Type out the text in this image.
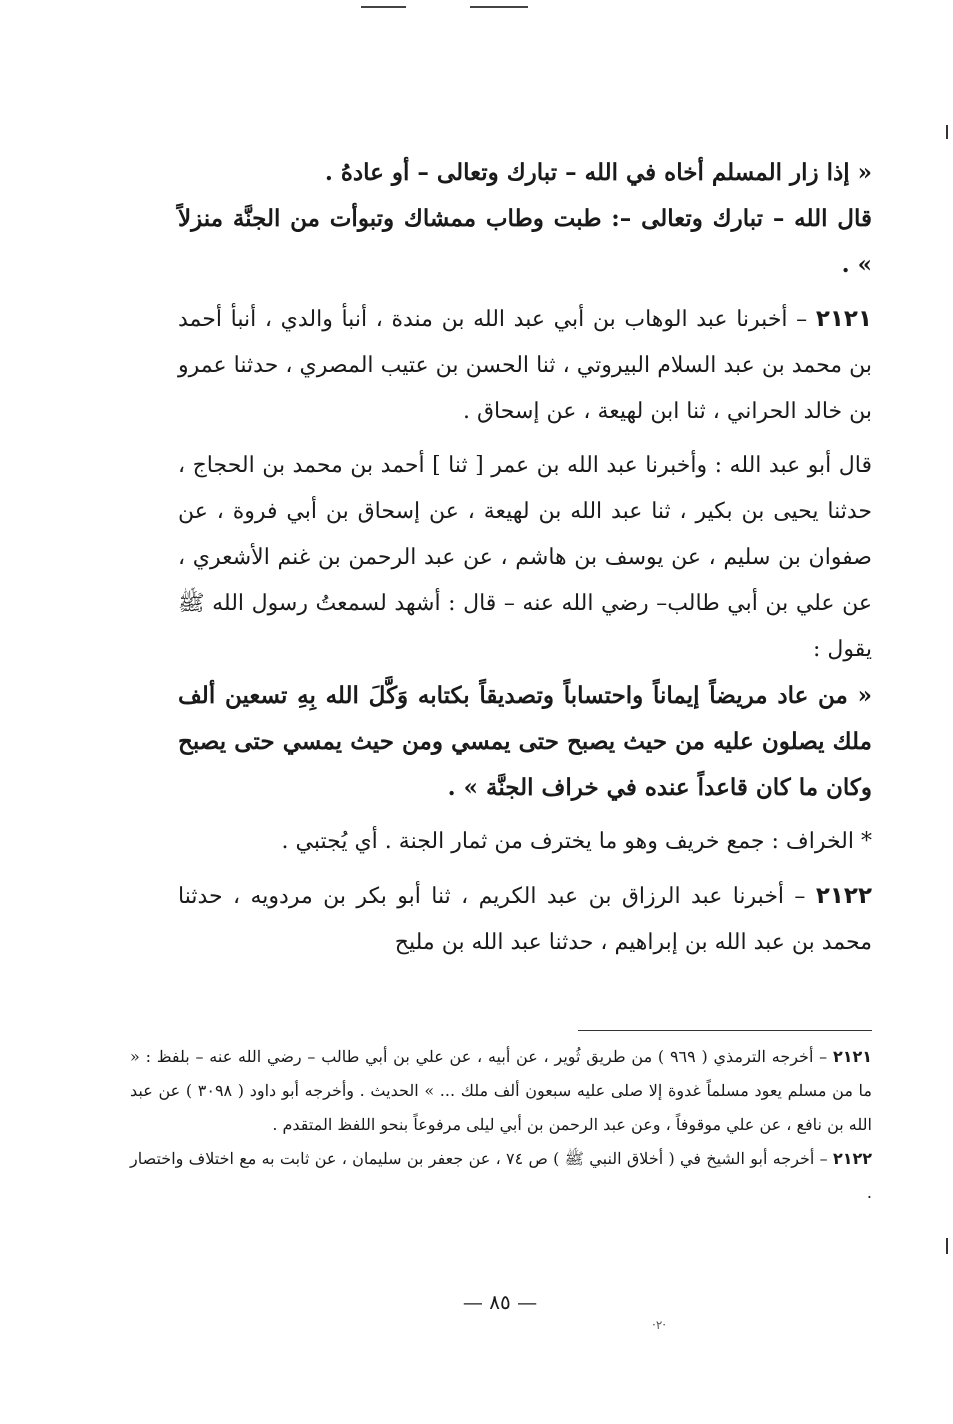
« إذا زار المسلم أخاه في الله – تبارك وتعالى – أو عادهُ .
قال الله – تبارك وتعالى –: طبت وطاب ممشاك وتبوأت من الجنَّة منزلاً » .

٢١٢١ – أخبرنا عبد الوهاب بن أبي عبد الله بن مندة ، أنبأ والدي ، أنبأ أحمد بن محمد بن عبد السلام البيروتي ، ثنا الحسن بن عتيب المصري ، حدثنا عمرو بن خالد الحراني ، ثنا ابن لهيعة ، عن إسحاق .

قال أبو عبد الله : وأخبرنا عبد الله بن عمر [ ثنا ] أحمد بن محمد بن الحجاج ، حدثنا يحيى بن بكير ، ثنا عبد الله بن لهيعة ، عن إسحاق بن أبي فروة ، عن صفوان بن سليم ، عن يوسف بن هاشم ، عن عبد الرحمن بن غنم الأشعري ، عن علي بن أبي طالب– رضي الله عنه – قال : أشهد لسمعتُ رسول الله ﷺ يقول :

« من عاد مريضاً إيماناً واحتساباً وتصديقاً بكتابه وَكَّلَ الله بِهِ تسعين ألف ملك يصلون عليه من حيث يصبح حتى يمسي ومن حيث يمسي حتى يصبح وكان ما كان قاعداً عنده في خراف الجنَّة » .

* الخراف : جمع خريف وهو ما يخترف من ثمار الجنة . أي يُجتبي .

٢١٢٢ – أخبرنا عبد الرزاق بن عبد الكريم ، ثنا أبو بكر بن مردويه ، حدثنا محمد بن عبد الله بن إبراهيم ، حدثنا عبد الله بن مليح

٢١٢١ – أخرجه الترمذي ( ٩٦٩ ) من طريق ثُوير ، عن أبيه ، عن علي بن أبي طالب – رضي الله عنه – بلفظ : « ما من مسلم يعود مسلماً غدوة إلا صلى عليه سبعون ألف ملك ... » الحديث . وأخرجه أبو داود ( ٣٠٩٨ ) عن عبد الله بن نافع ، عن علي موقوفاً ، وعن عبد الرحمن بن أبي ليلى مرفوعاً بنحو اللفظ المتقدم .

٢١٢٢ – أخرجه أبو الشيخ في ( أخلاق النبي ﷺ ) ص ٧٤ ، عن جعفر بن سليمان ، عن ثابت به مع اختلاف واختصار .

— ٨٥ —
·٢·
